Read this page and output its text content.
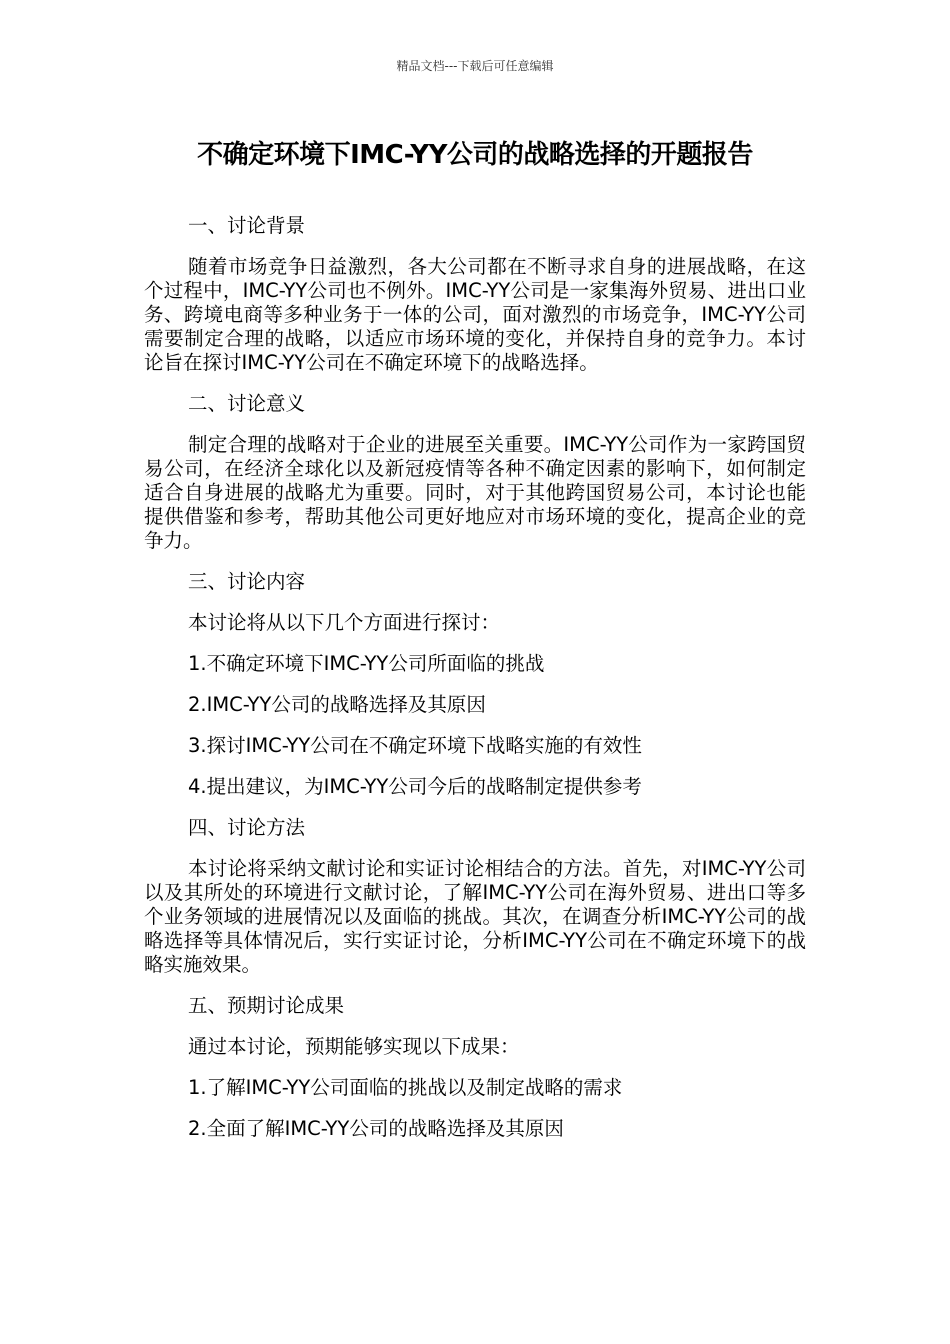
精品文档---下载后可任意编辑
不确定环境下IMC-YY公司的战略选择的开题报告
一、讨论背景
随着市场竞争日益激烈，各大公司都在不断寻求自身的进展战略，在这个过程中，IMC-YY公司也不例外。IMC-YY公司是一家集海外贸易、进出口业务、跨境电商等多种业务于一体的公司，面对激烈的市场竞争，IMC-YY公司需要制定合理的战略，以适应市场环境的变化，并保持自身的竞争力。本讨论旨在探讨IMC-YY公司在不确定环境下的战略选择。
二、讨论意义
制定合理的战略对于企业的进展至关重要。IMC-YY公司作为一家跨国贸易公司，在经济全球化以及新冠疫情等各种不确定因素的影响下，如何制定适合自身进展的战略尤为重要。同时，对于其他跨国贸易公司，本讨论也能提供借鉴和参考，帮助其他公司更好地应对市场环境的变化，提高企业的竞争力。
三、讨论内容
本讨论将从以下几个方面进行探讨：
1.不确定环境下IMC-YY公司所面临的挑战
2.IMC-YY公司的战略选择及其原因
3.探讨IMC-YY公司在不确定环境下战略实施的有效性
4.提出建议，为IMC-YY公司今后的战略制定提供参考
四、讨论方法
本讨论将采纳文献讨论和实证讨论相结合的方法。首先，对IMC-YY公司以及其所处的环境进行文献讨论，了解IMC-YY公司在海外贸易、进出口等多个业务领域的进展情况以及面临的挑战。其次，在调查分析IMC-YY公司的战略选择等具体情况后，实行实证讨论，分析IMC-YY公司在不确定环境下的战略实施效果。
五、预期讨论成果
通过本讨论，预期能够实现以下成果：
1.了解IMC-YY公司面临的挑战以及制定战略的需求
2.全面了解IMC-YY公司的战略选择及其原因
